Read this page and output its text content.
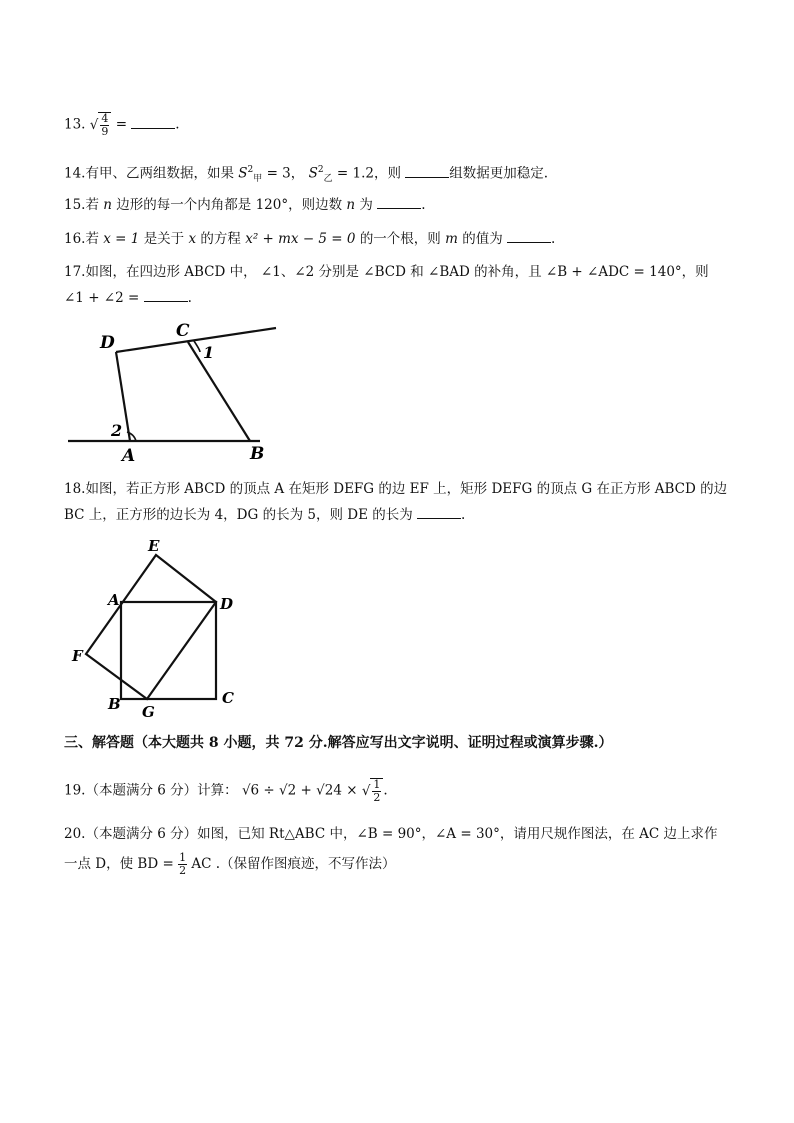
13. √ $\frac{4}{9}$ =	.
14.有甲、乙两组数据，如果 $S^2_甲 = 3$， $S^2_乙 = 1.2$，则	组数据更加稳定.
15.若 n 边形的每一个内角都是 120°，则边数 n 为	.
16.若 x = 1 是关于 x 的方程 x² + mx − 5 = 0 的一个根，则 m 的值为	.
17.如图，在四边形 ABCD 中， ∠1、∠2 分别是 ∠BCD 和 ∠BAD 的补角，且 ∠B + ∠ADC = 140°，则
∠1 + ∠2 =	.
D
C
1
2
A	B
18.如图，若正方形 ABCD 的顶点 A 在矩形 DEFG 的边 EF 上，矩形 DEFG 的顶点 G 在正方形 ABCD 的边
BC 上，正方形的边长为 4，DG 的长为 5，则 DE 的长为	.
E
A	D
F
B G
C
三、解答题（本大题共 8 小题，共 72 分.解答应写出文字说明、证明过程或演算步骤.）
19.（本题满分 6 分）计算： √6 ÷ √2 + √24 × √ $\frac{1}{2}$ .
20.（本题满分 6 分）如图，已知 Rt△ABC 中，∠B = 90°，∠A = 30°，请用尺规作图法，在 AC 边上求作
一点 D，使 BD = $\frac{1}{2}$ AC .（保留作图痕迹，不写作法）
